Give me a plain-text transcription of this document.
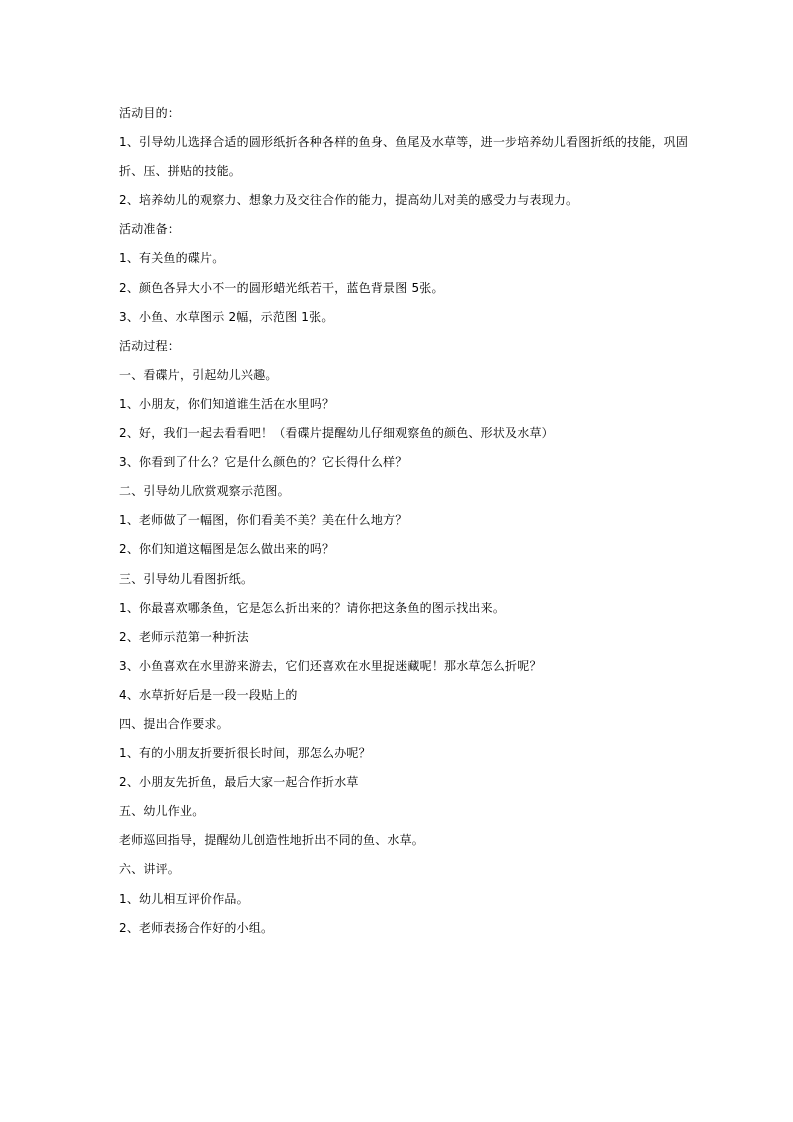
活动目的：
1、引导幼儿选择合适的圆形纸折各种各样的鱼身、鱼尾及水草等，进一步培养幼儿看图折纸的技能，巩固
折、压、拼贴的技能。
2、培养幼儿的观察力、想象力及交往合作的能力，提高幼儿对美的感受力与表现力。
活动准备：
1、有关鱼的碟片。
2、颜色各异大小不一的圆形蜡光纸若干，蓝色背景图 5张。
3、小鱼、水草图示 2幅，示范图 1张。
活动过程：
一、看碟片，引起幼儿兴趣。
1、小朋友，你们知道谁生活在水里吗？
2、好，我们一起去看看吧！（看碟片提醒幼儿仔细观察鱼的颜色、形状及水草）
3、你看到了什么？它是什么颜色的？它长得什么样？
二、引导幼儿欣赏观察示范图。
1、老师做了一幅图，你们看美不美？美在什么地方？
2、你们知道这幅图是怎么做出来的吗？
三、引导幼儿看图折纸。
1、你最喜欢哪条鱼，它是怎么折出来的？请你把这条鱼的图示找出来。
2、老师示范第一种折法
3、小鱼喜欢在水里游来游去，它们还喜欢在水里捉迷藏呢！那水草怎么折呢？
4、水草折好后是一段一段贴上的
四、提出合作要求。
1、有的小朋友折要折很长时间，那怎么办呢？
2、小朋友先折鱼，最后大家一起合作折水草
五、幼儿作业。
老师巡回指导，提醒幼儿创造性地折出不同的鱼、水草。
六、讲评。
1、幼儿相互评价作品。
2、老师表扬合作好的小组。
